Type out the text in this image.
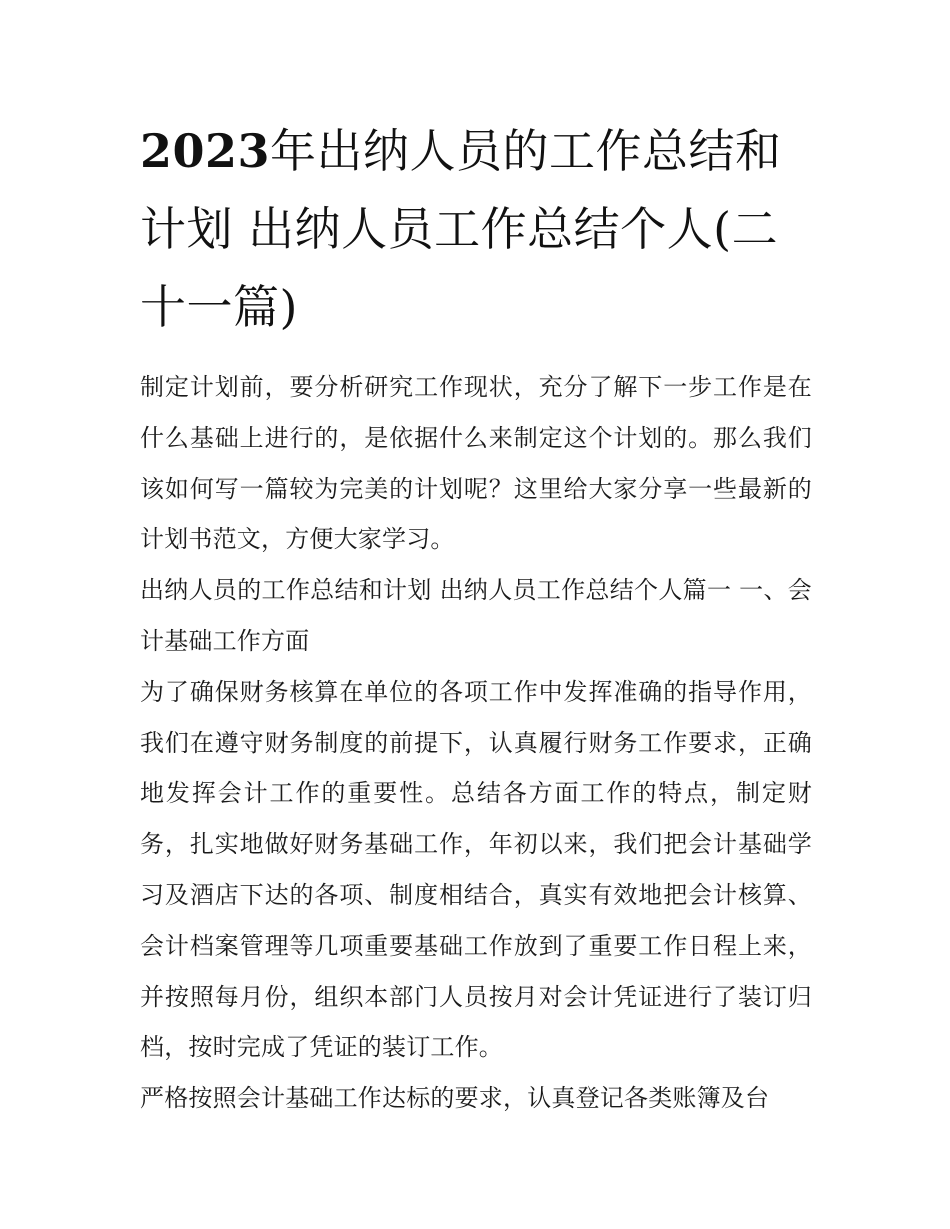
2023年出纳人员的工作总结和计划 出纳人员工作总结个人(二十一篇)

制定计划前，要分析研究工作现状，充分了解下一步工作是在什么基础上进行的，是依据什么来制定这个计划的。那么我们该如何写一篇较为完美的计划呢？这里给大家分享一些最新的计划书范文，方便大家学习。

出纳人员的工作总结和计划 出纳人员工作总结个人篇一 一、会计基础工作方面

为了确保财务核算在单位的各项工作中发挥准确的指导作用，我们在遵守财务制度的前提下，认真履行财务工作要求，正确地发挥会计工作的重要性。总结各方面工作的特点，制定财务，扎实地做好财务基础工作，年初以来，我们把会计基础学习及酒店下达的各项、制度相结合，真实有效地把会计核算、会计档案管理等几项重要基础工作放到了重要工作日程上来，并按照每月份，组织本部门人员按月对会计凭证进行了装订归档，按时完成了凭证的装订工作。

严格按照会计基础工作达标的要求，认真登记各类账簿及台
